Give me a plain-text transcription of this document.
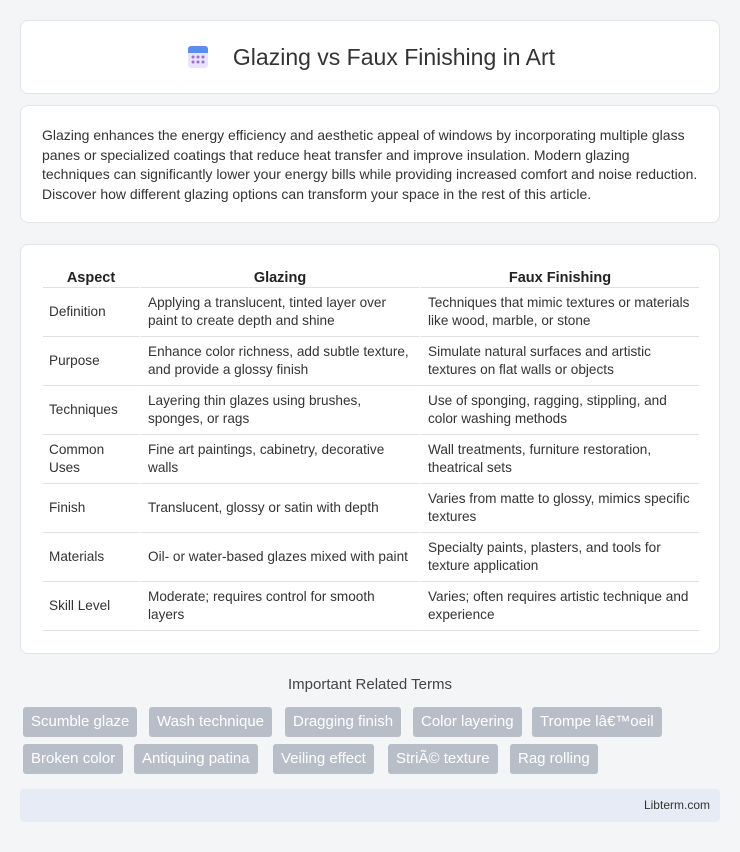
Glazing vs Faux Finishing in Art

Glazing enhances the energy efficiency and aesthetic appeal of windows by incorporating multiple glass panes or specialized coatings that reduce heat transfer and improve insulation. Modern glazing techniques can significantly lower your energy bills while providing increased comfort and noise reduction. Discover how different glazing options can transform your space in the rest of this article.

Aspect	Glazing	Faux Finishing
Definition	Applying a translucent, tinted layer over paint to create depth and shine	Techniques that mimic textures or materials like wood, marble, or stone
Purpose	Enhance color richness, add subtle texture, and provide a glossy finish	Simulate natural surfaces and artistic textures on flat walls or objects
Techniques	Layering thin glazes using brushes, sponges, or rags	Use of sponging, ragging, stippling, and color washing methods
Common Uses	Fine art paintings, cabinetry, decorative walls	Wall treatments, furniture restoration, theatrical sets
Finish	Translucent, glossy or satin with depth	Varies from matte to glossy, mimics specific textures
Materials	Oil- or water-based glazes mixed with paint	Specialty paints, plasters, and tools for texture application
Skill Level	Moderate; requires control for smooth layers	Varies; often requires artistic technique and experience
Important Related Terms
Scumble glaze	Wash technique	Dragging finish	Color layering	Trompe lâ€™oeil
Broken color	Antiquing patina	Veiling effect	StriÃ© texture	Rag rolling
Libterm.com
